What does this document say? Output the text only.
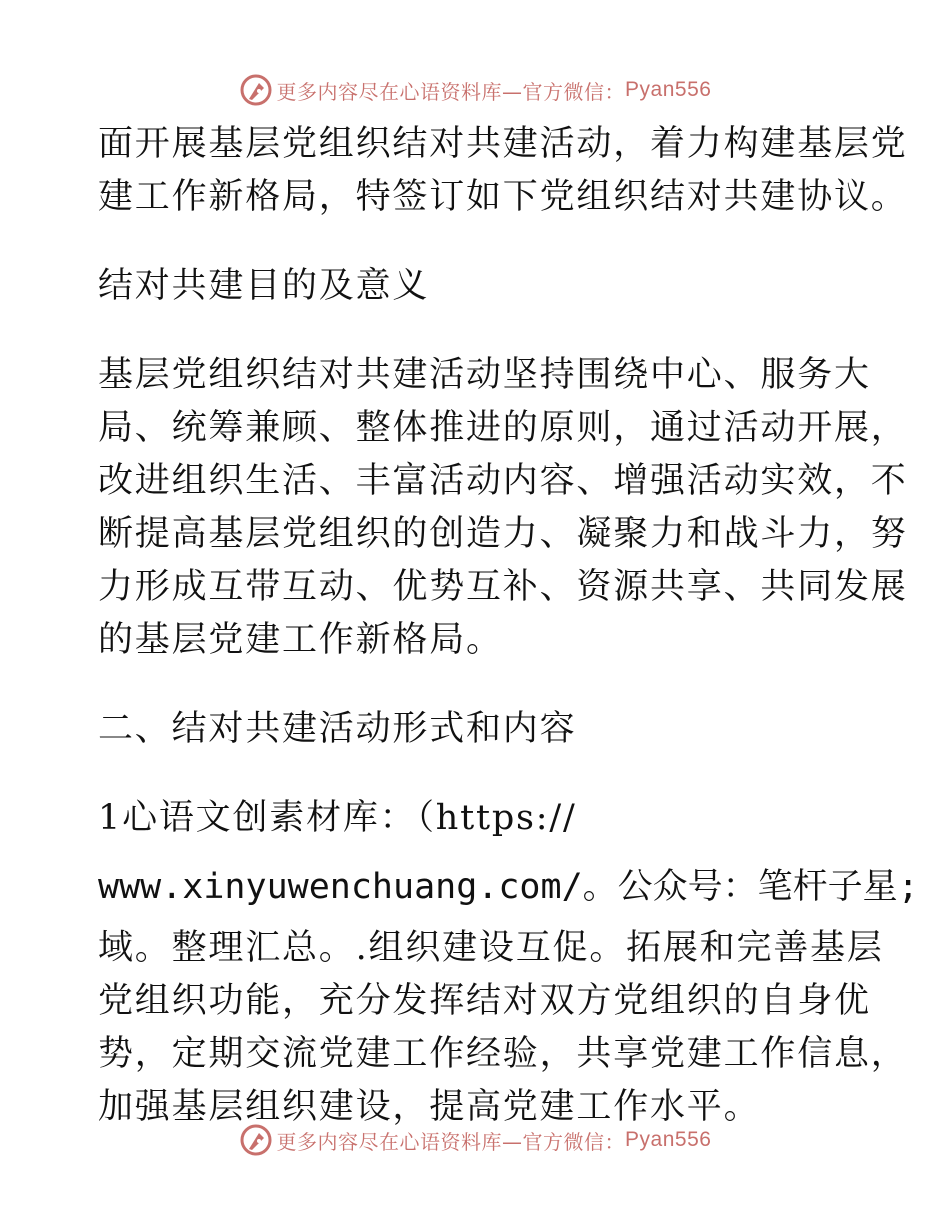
更多内容尽在心语资料库—官方微信： Pyan556
面开展基层党组织结对共建活动，着力构建基层党
建工作新格局，特签订如下党组织结对共建协议。
结对共建目的及意义
基层党组织结对共建活动坚持围绕中心、服务大
局、统筹兼顾、整体推进的原则，通过活动开展，
改进组织生活、丰富活动内容、增强活动实效，不
断提高基层党组织的创造力、凝聚力和战斗力，努
力形成互带互动、优势互补、资源共享、共同发展
的基层党建工作新格局。
二、结对共建活动形式和内容
1心语文创素材库：（https://
www.xinyuwenchuang.com/。公众号：笔杆子星;
域。整理汇总。.组织建设互促。拓展和完善基层
党组织功能，充分发挥结对双方党组织的自身优
势，定期交流党建工作经验，共享党建工作信息，
加强基层组织建设，提高党建工作水平。
更多内容尽在心语资料库—官方微信： Pyan556
